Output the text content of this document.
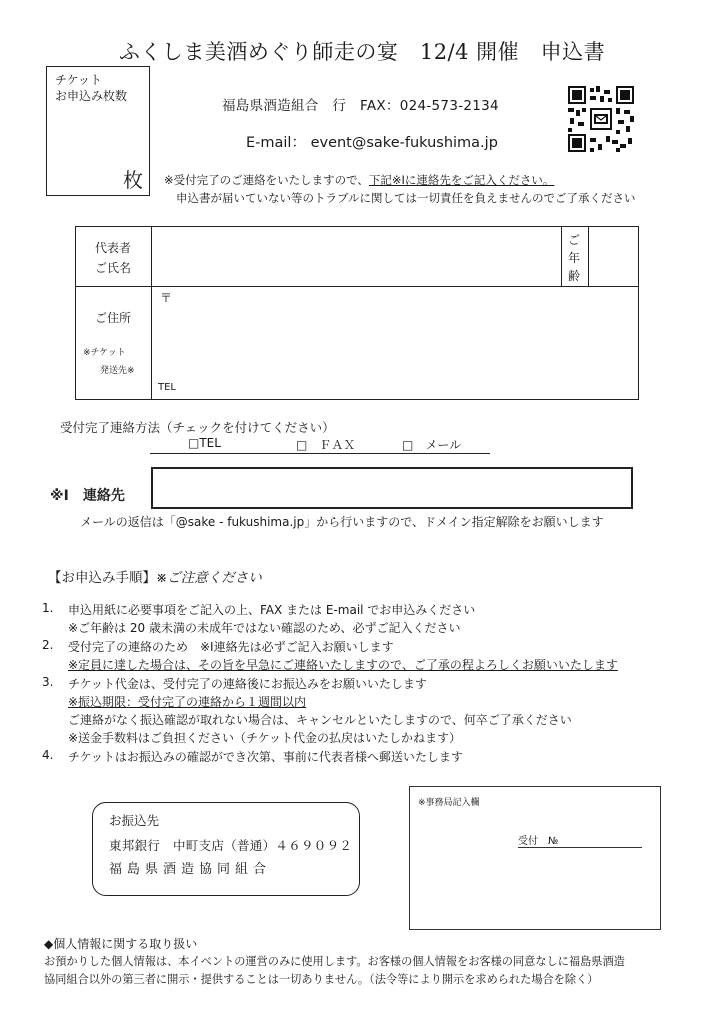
ふくしま美酒めぐり師走の宴　12/4 開催　申込書
チケット
お申込み枚数
枚
福島県酒造組合　行　FAX：024-573-2134
E-mail： event@sake-fukushima.jp
※受付完了のご連絡をいたしますので、下記※Ⅰに連絡先をご記入ください。
申込書が届いていない等のトラブルに関しては一切責任を負えませんのでご了承ください
代表者
ご氏名
ご
年
齢
ご住所
※チケット
発送先※
〒
TEL
受付完了連絡方法（チェックを付けてください）
□TEL	□　ＦＡＸ	□　メール
※Ⅰ　連絡先
メールの返信は「@sake - fukushima.jp」から行いますので、ドメイン指定解除をお願いします
【お申込み手順】※ご注意ください
1. 申込用紙に必要事項をご記入の上、FAX または E-mail でお申込みください
※ご年齢は 20 歳未満の未成年ではない確認のため、必ずご記入ください
2. 受付完了の連絡のため　※Ⅰ連絡先は必ずご記入お願いします
※定員に達した場合は、その旨を早急にご連絡いたしますので、ご了承の程よろしくお願いいたします
3. チケット代金は、受付完了の連絡後にお振込みをお願いいたします
※振込期限：受付完了の連絡から１週間以内
ご連絡がなく振込確認が取れない場合は、キャンセルといたしますので、何卒ご了承ください
※送金手数料はご負担ください（チケット代金の払戻はいたしかねます）
4. チケットはお振込みの確認ができ次第、事前に代表者様へ郵送いたします
お振込先
東邦銀行　中町支店（普通）４６９０９２
福島県酒造協同組合
※事務局記入欄
受付　№
◆個人情報に関する取り扱い
お預かりした個人情報は、本イベントの運営のみに使用します。お客様の個人情報をお客様の同意なしに福島県酒造
協同組合以外の第三者に開示・提供することは一切ありません。（法令等により開示を求められた場合を除く）
